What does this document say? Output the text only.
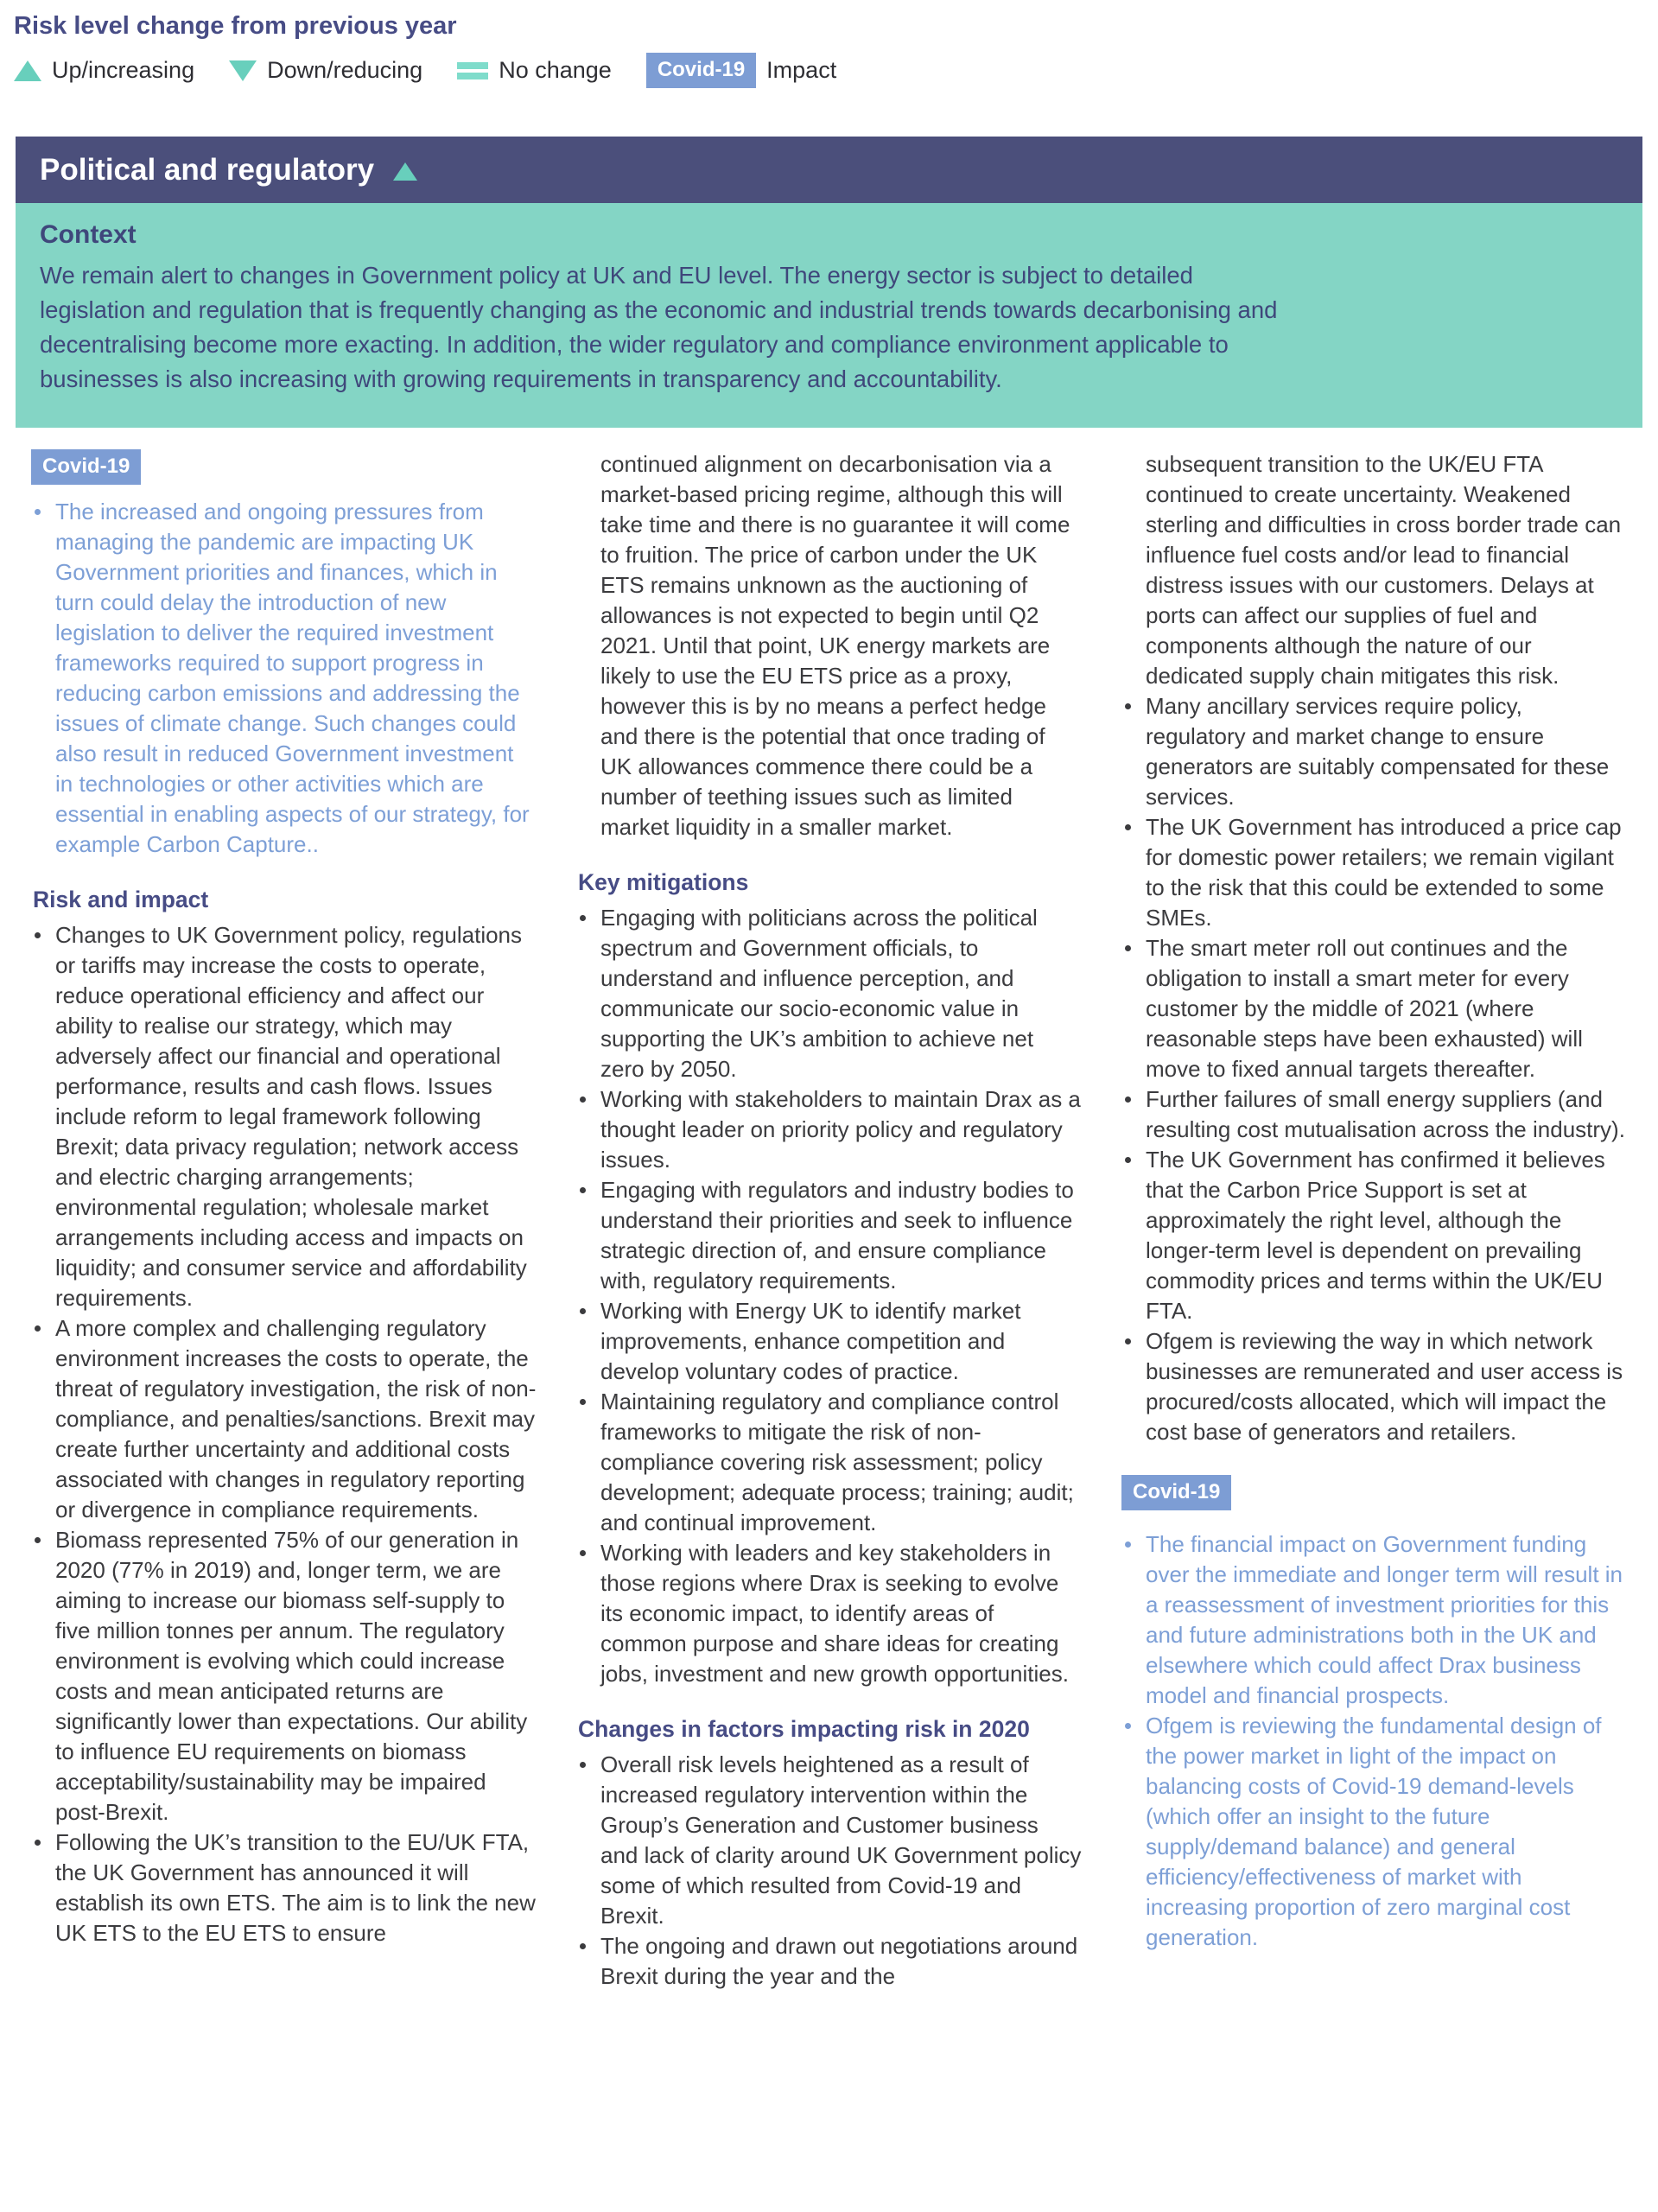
Risk level change from previous year
Up/increasing	Down/reducing	No change	Covid-19 Impact
Political and regulatory
Context
We remain alert to changes in Government policy at UK and EU level. The energy sector is subject to detailed legislation and regulation that is frequently changing as the economic and industrial trends towards decarbonising and decentralising become more exacting. In addition, the wider regulatory and compliance environment applicable to businesses is also increasing with growing requirements in transparency and accountability.
Covid-19
The increased and ongoing pressures from managing the pandemic are impacting UK Government priorities and finances, which in turn could delay the introduction of new legislation to deliver the required investment frameworks required to support progress in reducing carbon emissions and addressing the issues of climate change. Such changes could also result in reduced Government investment in technologies or other activities which are essential in enabling aspects of our strategy, for example Carbon Capture..
Risk and impact
Changes to UK Government policy, regulations or tariffs may increase the costs to operate, reduce operational efficiency and affect our ability to realise our strategy, which may adversely affect our financial and operational performance, results and cash flows. Issues include reform to legal framework following Brexit; data privacy regulation; network access and electric charging arrangements; environmental regulation; wholesale market arrangements including access and impacts on liquidity; and consumer service and affordability requirements.
A more complex and challenging regulatory environment increases the costs to operate, the threat of regulatory investigation, the risk of non-compliance, and penalties/sanctions. Brexit may create further uncertainty and additional costs associated with changes in regulatory reporting or divergence in compliance requirements.
Biomass represented 75% of our generation in 2020 (77% in 2019) and, longer term, we are aiming to increase our biomass self-supply to five million tonnes per annum. The regulatory environment is evolving which could increase costs and mean anticipated returns are significantly lower than expectations. Our ability to influence EU requirements on biomass acceptability/sustainability may be impaired post-Brexit.
Following the UK’s transition to the EU/UK FTA, the UK Government has announced it will establish its own ETS. The aim is to link the new UK ETS to the EU ETS to ensure

continued alignment on decarbonisation via a market-based pricing regime, although this will take time and there is no guarantee it will come to fruition. The price of carbon under the UK ETS remains unknown as the auctioning of allowances is not expected to begin until Q2 2021. Until that point, UK energy markets are likely to use the EU ETS price as a proxy, however this is by no means a perfect hedge and there is the potential that once trading of UK allowances commence there could be a number of teething issues such as limited market liquidity in a smaller market.

Key mitigations
Engaging with politicians across the political spectrum and Government officials, to understand and influence perception, and communicate our socio-economic value in supporting the UK’s ambition to achieve net zero by 2050.
Working with stakeholders to maintain Drax as a thought leader on priority policy and regulatory issues.
Engaging with regulators and industry bodies to understand their priorities and seek to influence strategic direction of, and ensure compliance with, regulatory requirements.
Working with Energy UK to identify market improvements, enhance competition and develop voluntary codes of practice.
Maintaining regulatory and compliance control frameworks to mitigate the risk of non-compliance covering risk assessment; policy development; adequate process; training; audit; and continual improvement.
Working with leaders and key stakeholders in those regions where Drax is seeking to evolve its economic impact, to identify areas of common purpose and share ideas for creating jobs, investment and new growth opportunities.
Changes in factors impacting risk in 2020
Overall risk levels heightened as a result of increased regulatory intervention within the Group’s Generation and Customer business and lack of clarity around UK Government policy some of which resulted from Covid-19 and Brexit.
The ongoing and drawn out negotiations around Brexit during the year and the

subsequent transition to the UK/EU FTA continued to create uncertainty. Weakened sterling and difficulties in cross border trade can influence fuel costs and/or lead to financial distress issues with our customers. Delays at ports can affect our supplies of fuel and components although the nature of our dedicated supply chain mitigates this risk.

Many ancillary services require policy, regulatory and market change to ensure generators are suitably compensated for these services.
The UK Government has introduced a price cap for domestic power retailers; we remain vigilant to the risk that this could be extended to some SMEs.
The smart meter roll out continues and the obligation to install a smart meter for every customer by the middle of 2021 (where reasonable steps have been exhausted) will move to fixed annual targets thereafter.
Further failures of small energy suppliers (and resulting cost mutualisation across the industry).
The UK Government has confirmed it believes that the Carbon Price Support is set at approximately the right level, although the longer-term level is dependent on prevailing commodity prices and terms within the UK/EU FTA.
Ofgem is reviewing the way in which network businesses are remunerated and user access is procured/costs allocated, which will impact the cost base of generators and retailers.
Covid-19
The financial impact on Government funding over the immediate and longer term will result in a reassessment of investment priorities for this and future administrations both in the UK and elsewhere which could affect Drax business model and financial prospects.
Ofgem is reviewing the fundamental design of the power market in light of the impact on balancing costs of Covid-19 demand-levels (which offer an insight to the future supply/demand balance) and general efficiency/effectiveness of market with increasing proportion of zero marginal cost generation.
